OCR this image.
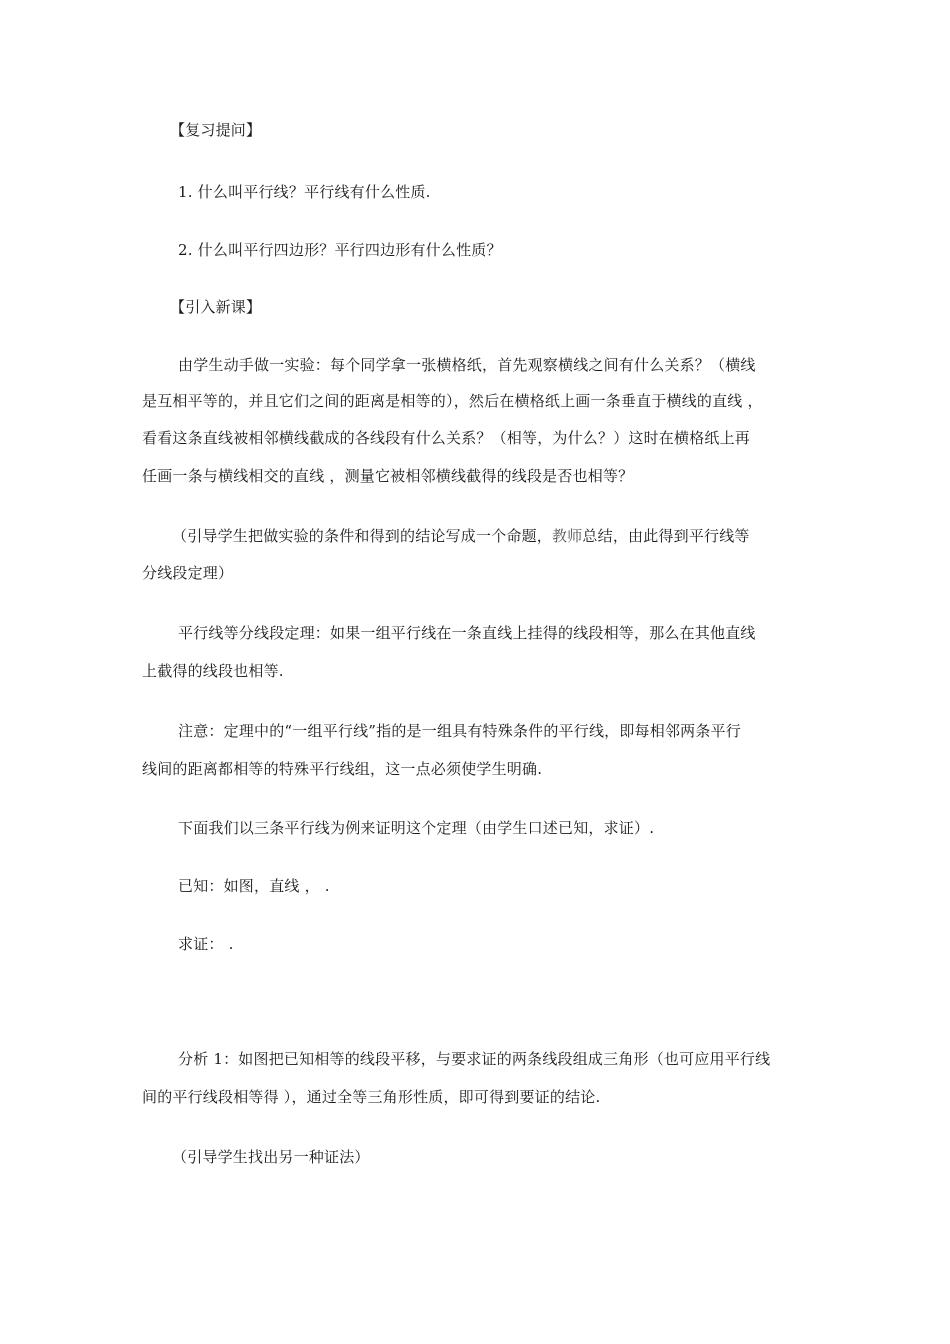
【复习提问】
1. 什么叫平行线？平行线有什么性质.
2. 什么叫平行四边形？平行四边形有什么性质？
【引入新课】
由学生动手做一实验：每个同学拿一张横格纸，首先观察横线之间有什么关系？（横线
是互相平等的，并且它们之间的距离是相等的），然后在横格纸上画一条垂直于横线的直线 ，
看看这条直线被相邻横线截成的各线段有什么关系？（相等，为什么？）这时在横格纸上再
任画一条与横线相交的直线 ，测量它被相邻横线截得的线段是否也相等？
（引导学生把做实验的条件和得到的结论写成一个命题，教师总结，由此得到平行线等
分线段定理）
平行线等分线段定理：如果一组平行线在一条直线上挂得的线段相等，那么在其他直线
上截得的线段也相等.
注意：定理中的“一组平行线”指的是一组具有特殊条件的平行线，即每相邻两条平行
线间的距离都相等的特殊平行线组，这一点必须使学生明确.
下面我们以三条平行线为例来证明这个定理（由学生口述已知，求证）.
已知：如图，直线 ， .
求证： .
分析 1：如图把已知相等的线段平移，与要求证的两条线段组成三角形（也可应用平行线
间的平行线段相等得 ），通过全等三角形性质，即可得到要证的结论.
（引导学生找出另一种证法）
